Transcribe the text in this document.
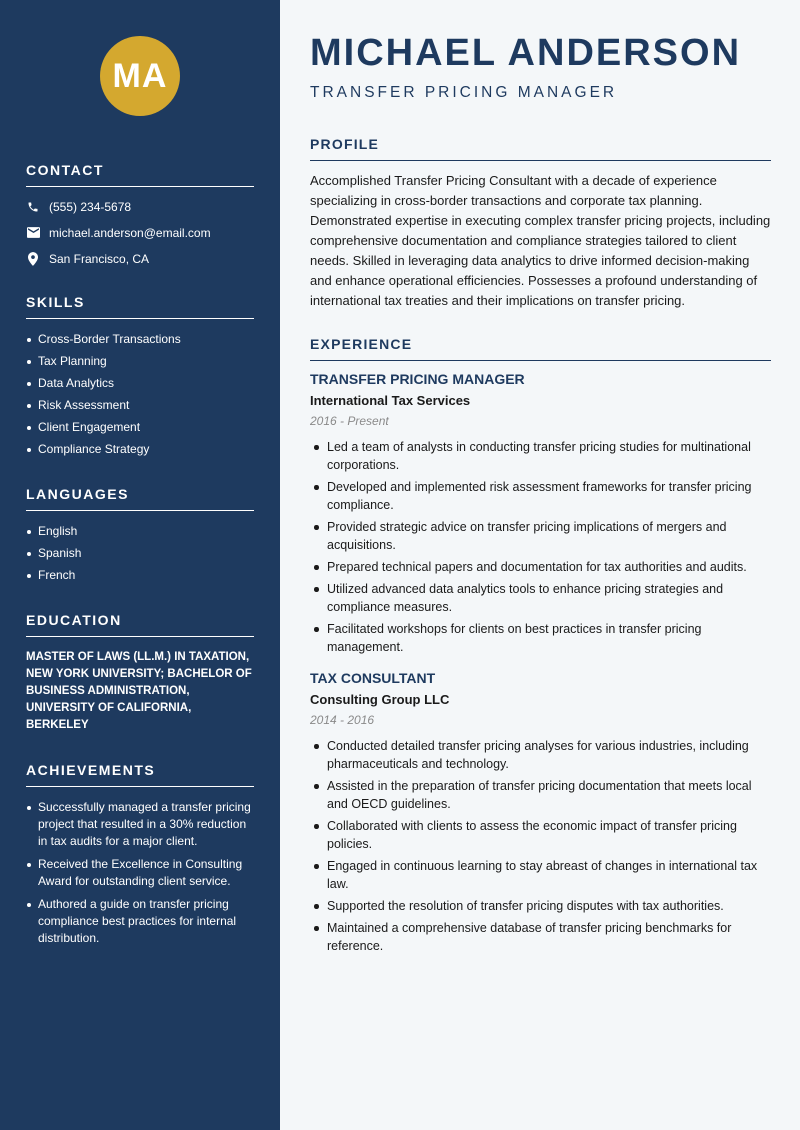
MA
CONTACT
(555) 234-5678
michael.anderson@email.com
San Francisco, CA
SKILLS
Cross-Border Transactions
Tax Planning
Data Analytics
Risk Assessment
Client Engagement
Compliance Strategy
LANGUAGES
English
Spanish
French
EDUCATION
MASTER OF LAWS (LL.M.) IN TAXATION, NEW YORK UNIVERSITY; BACHELOR OF BUSINESS ADMINISTRATION, UNIVERSITY OF CALIFORNIA, BERKELEY
ACHIEVEMENTS
Successfully managed a transfer pricing project that resulted in a 30% reduction in tax audits for a major client.
Received the Excellence in Consulting Award for outstanding client service.
Authored a guide on transfer pricing compliance best practices for internal distribution.
MICHAEL ANDERSON
TRANSFER PRICING MANAGER
PROFILE

Accomplished Transfer Pricing Consultant with a decade of experience specializing in cross-border transactions and corporate tax planning. Demonstrated expertise in executing complex transfer pricing projects, including comprehensive documentation and compliance strategies tailored to client needs. Skilled in leveraging data analytics to drive informed decision-making and enhance operational efficiencies. Possesses a profound understanding of international tax treaties and their implications on transfer pricing.

EXPERIENCE
TRANSFER PRICING MANAGER
International Tax Services
2016 - Present
Led a team of analysts in conducting transfer pricing studies for multinational corporations.
Developed and implemented risk assessment frameworks for transfer pricing compliance.
Provided strategic advice on transfer pricing implications of mergers and acquisitions.
Prepared technical papers and documentation for tax authorities and audits.
Utilized advanced data analytics tools to enhance pricing strategies and compliance measures.
Facilitated workshops for clients on best practices in transfer pricing management.
TAX CONSULTANT
Consulting Group LLC
2014 - 2016
Conducted detailed transfer pricing analyses for various industries, including pharmaceuticals and technology.
Assisted in the preparation of transfer pricing documentation that meets local and OECD guidelines.
Collaborated with clients to assess the economic impact of transfer pricing policies.
Engaged in continuous learning to stay abreast of changes in international tax law.
Supported the resolution of transfer pricing disputes with tax authorities.
Maintained a comprehensive database of transfer pricing benchmarks for reference.
